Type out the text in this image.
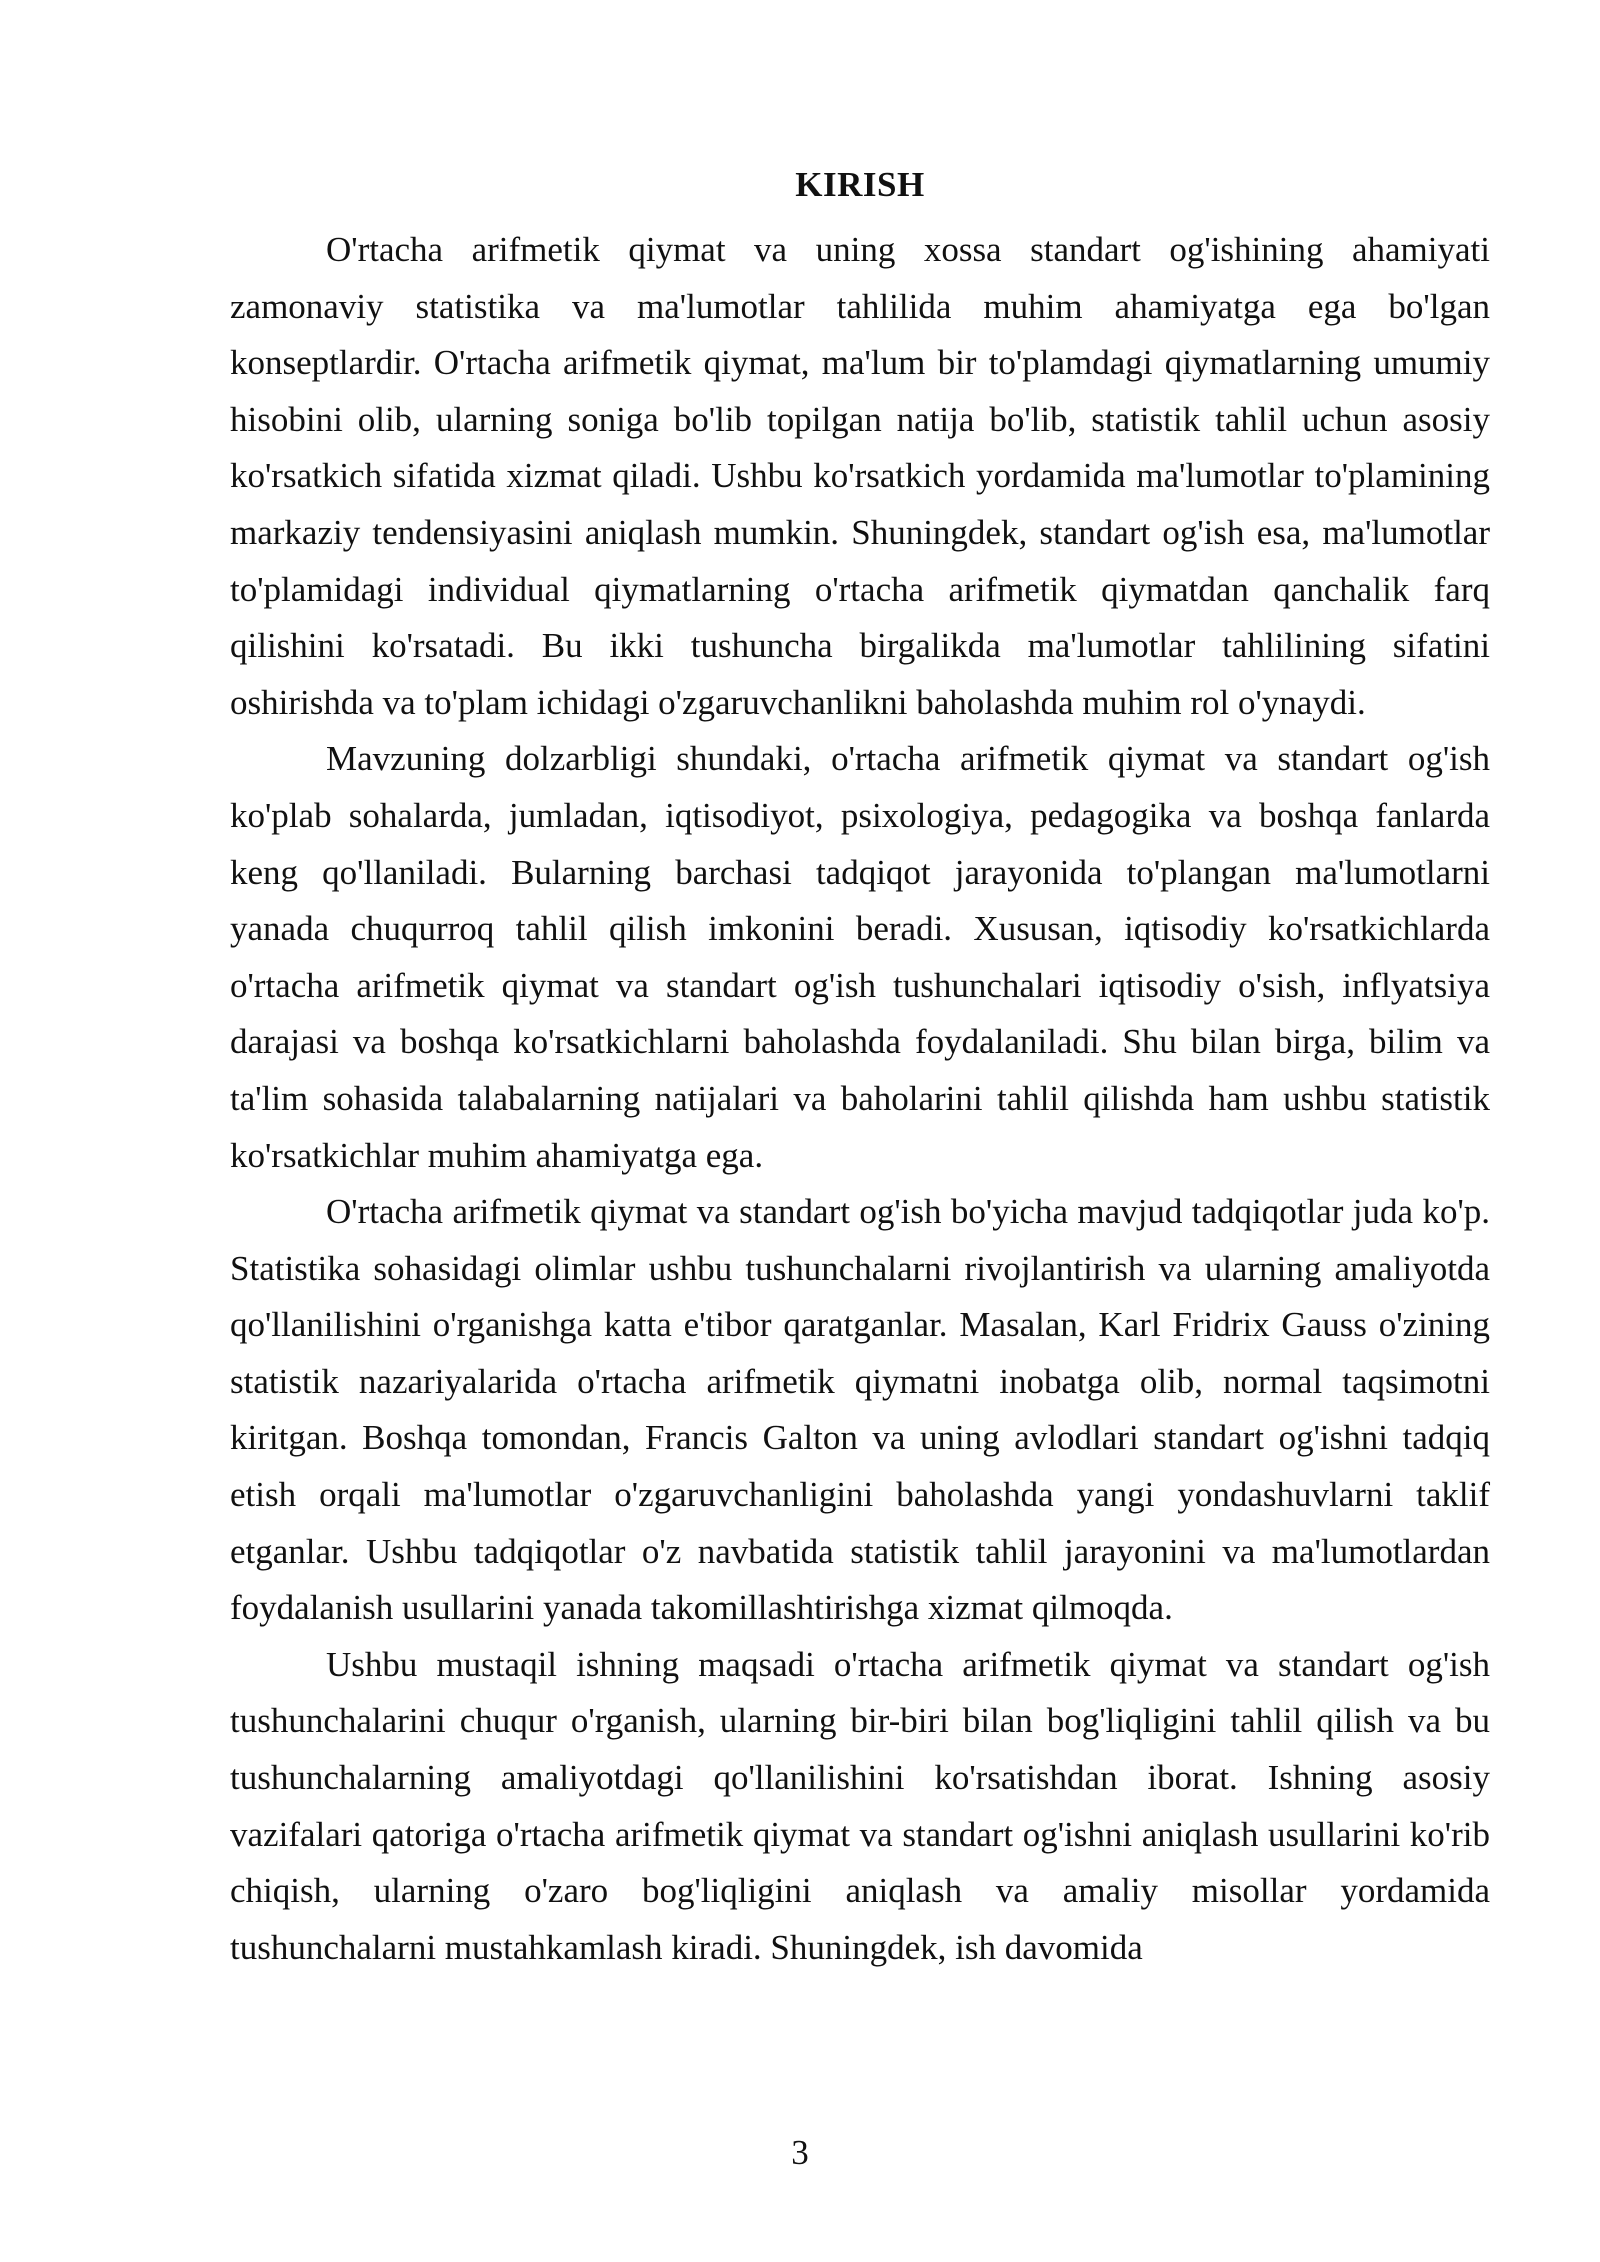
KIRISH

O'rtacha arifmetik qiymat va uning xossa standart og'ishining ahamiyati zamonaviy statistika va ma'lumotlar tahlilida muhim ahamiyatga ega bo'lgan konseptlardir. O'rtacha arifmetik qiymat, ma'lum bir to'plamdagi qiymatlarning umumiy hisobini olib, ularning soniga bo'lib topilgan natija bo'lib, statistik tahlil uchun asosiy ko'rsatkich sifatida xizmat qiladi. Ushbu ko'rsatkich yordamida ma'lumotlar to'plamining markaziy tendensiyasini aniqlash mumkin. Shuningdek, standart og'ish esa, ma'lumotlar to'plamidagi individual qiymatlarning o'rtacha arifmetik qiymatdan qanchalik farq qilishini ko'rsatadi. Bu ikki tushuncha birgalikda ma'lumotlar tahlilining sifatini oshirishda va to'plam ichidagi o'zgaruvchanlikni baholashda muhim rol o'ynaydi.

Mavzuning dolzarbligi shundaki, o'rtacha arifmetik qiymat va standart og'ish ko'plab sohalarda, jumladan, iqtisodiyot, psixologiya, pedagogika va boshqa fanlarda keng qo'llaniladi. Bularning barchasi tadqiqot jarayonida to'plangan ma'lumotlarni yanada chuqurroq tahlil qilish imkonini beradi. Xususan, iqtisodiy ko'rsatkichlarda o'rtacha arifmetik qiymat va standart og'ish tushunchalari iqtisodiy o'sish, inflyatsiya darajasi va boshqa ko'rsatkichlarni baholashda foydalaniladi. Shu bilan birga, bilim va ta'lim sohasida talabalarning natijalari va baholarini tahlil qilishda ham ushbu statistik ko'rsatkichlar muhim ahamiyatga ega.

O'rtacha arifmetik qiymat va standart og'ish bo'yicha mavjud tadqiqotlar juda ko'p. Statistika sohasidagi olimlar ushbu tushunchalarni rivojlantirish va ularning amaliyotda qo'llanilishini o'rganishga katta e'tibor qaratganlar. Masalan, Karl Fridrix Gauss o'zining statistik nazariyalarida o'rtacha arifmetik qiymatni inobatga olib, normal taqsimotni kiritgan. Boshqa tomondan, Francis Galton va uning avlodlari standart og'ishni tadqiq etish orqali ma'lumotlar o'zgaruvchanligini baholashda yangi yondashuvlarni taklif etganlar. Ushbu tadqiqotlar o'z navbatida statistik tahlil jarayonini va ma'lumotlardan foydalanish usullarini yanada takomillashtirishga xizmat qilmoqda.

Ushbu mustaqil ishning maqsadi o'rtacha arifmetik qiymat va standart og'ish tushunchalarini chuqur o'rganish, ularning bir-biri bilan bog'liqligini tahlil qilish va bu tushunchalarning amaliyotdagi qo'llanilishini ko'rsatishdan iborat. Ishning asosiy vazifalari qatoriga o'rtacha arifmetik qiymat va standart og'ishni aniqlash usullarini ko'rib chiqish, ularning o'zaro bog'liqligini aniqlash va amaliy misollar yordamida tushunchalarni mustahkamlash kiradi. Shuningdek, ish davomida

3
